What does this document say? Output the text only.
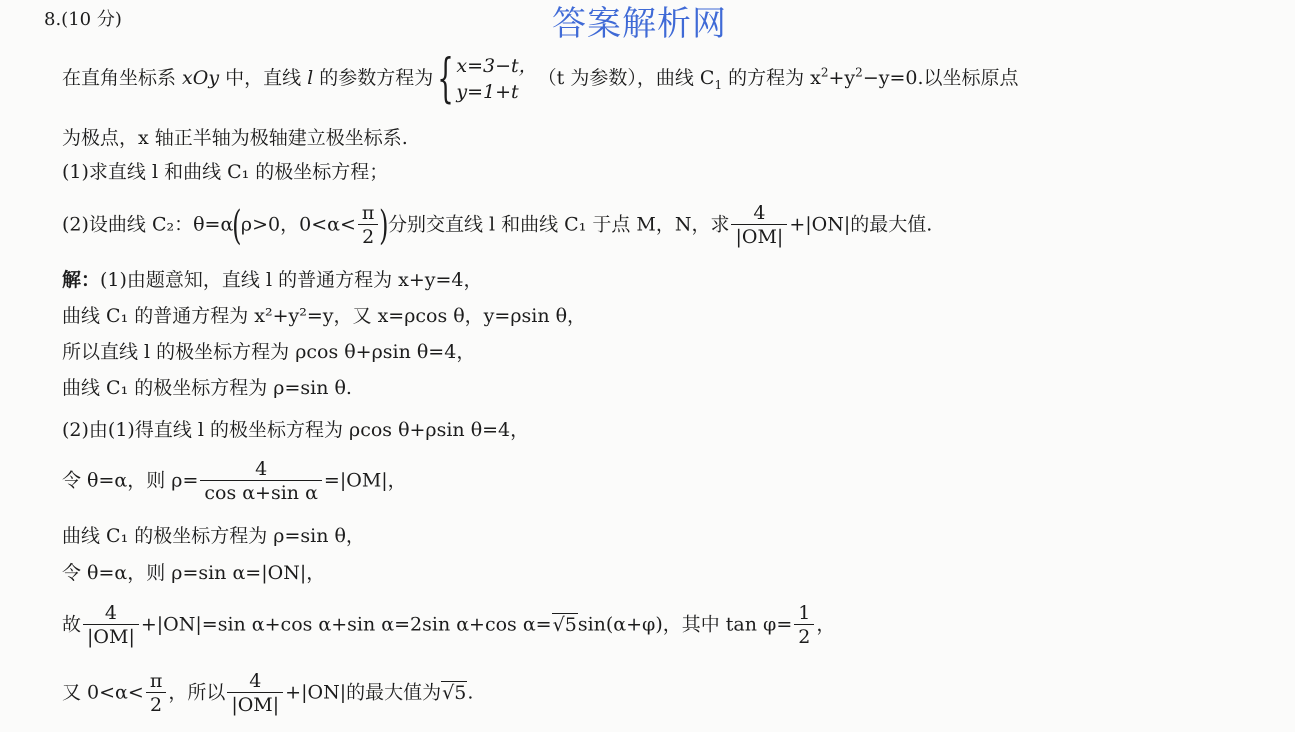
答案解析网
8.(10 分)
在直角坐标系 xOy 中，直线 l 的参数方程为{ x=3−t，
y=1+t
（t 为参数），曲线 $C_1$ 的方程为 $x^2+y^2-y=0$.以坐标原点
为极点，x 轴正半轴为极轴建立极坐标系.
(1)求直线 l 和曲线 C₁ 的极坐标方程；
(2)设曲线 C₂：θ=α(ρ>0，$0<\alpha< \frac{\pi}{2}$ )分别交直线 l 和曲线 C₁ 于点 M，N，求 $\frac{4}{|OM|} +|ON|$的最大值.
解：(1)由题意知，直线 l 的普通方程为 x+y=4，
曲线 C₁ 的普通方程为 x²+y²=y，又 x=ρcos θ，y=ρsin θ，
所以直线 l 的极坐标方程为 ρcos θ+ρsin θ=4，
曲线 C₁ 的极坐标方程为 ρ=sin θ.
(2)由(1)得直线 l 的极坐标方程为 ρcos θ+ρsin θ=4，
令 θ=α，则 $\rho= \frac{4}{\text{cos α+sin α}} =|OM|$，
曲线 C₁ 的极坐标方程为 ρ=sin θ，
令 θ=α，则 ρ=sin α=|ON|，
故 $\frac{4}{|OM|} +|ON|=\sin$ α+cos α+sin α=2sin α+cos α=√5sin(α+φ)，其中 $\tan \varphi= \frac{1}{2}$ ，
又 $0<\alpha< \frac{\pi}{2}$ ，所以 $\frac{4}{|OM|} +|ON|$的最大值为√5.
